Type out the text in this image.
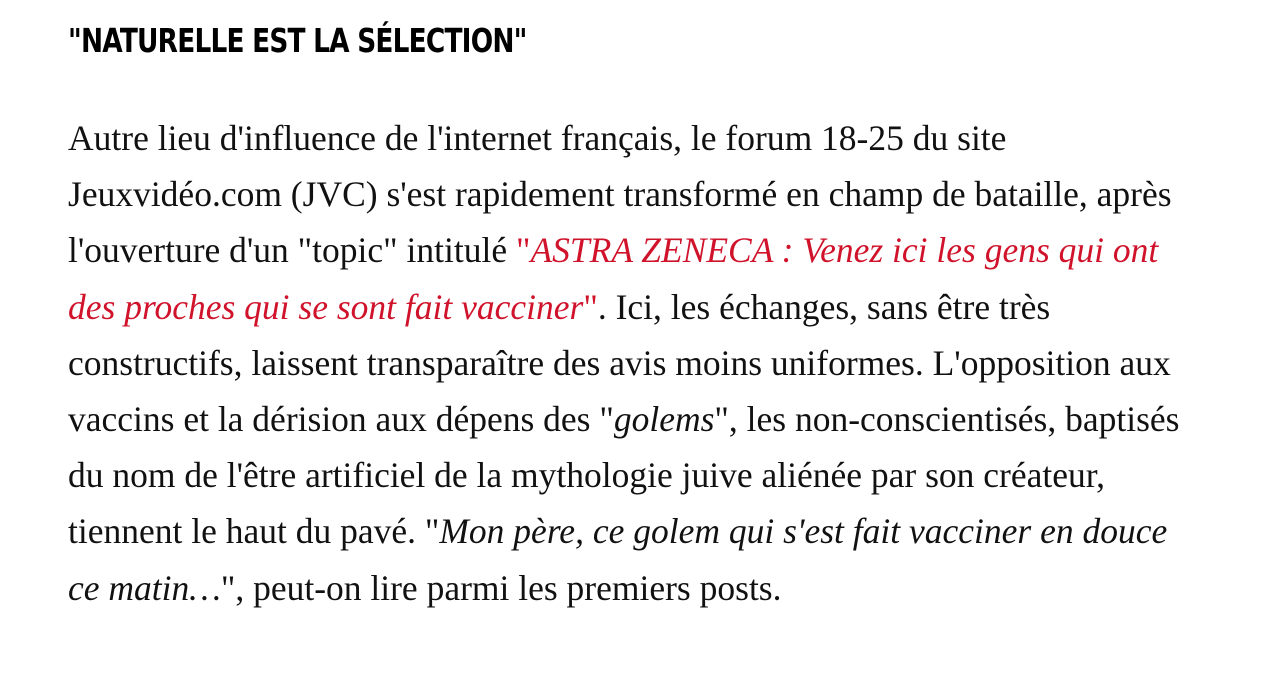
"NATURELLE EST LA SÉLECTION"

Autre lieu d'influence de l'internet français, le forum 18-25 du site Jeuxvidéo.com (JVC) s'est rapidement transformé en champ de bataille, après l'ouverture d'un "topic" intitulé "ASTRA ZENECA : Venez ici les gens qui ont des proches qui se sont fait vacciner". Ici, les échanges, sans être très constructifs, laissent transparaître des avis moins uniformes. L'opposition aux vaccins et la dérision aux dépens des "golems", les non-conscientisés, baptisés du nom de l'être artificiel de la mythologie juive aliénée par son créateur, tiennent le haut du pavé. "Mon père, ce golem qui s'est fait vacciner en douce ce matin…", peut-on lire parmi les premiers posts.
